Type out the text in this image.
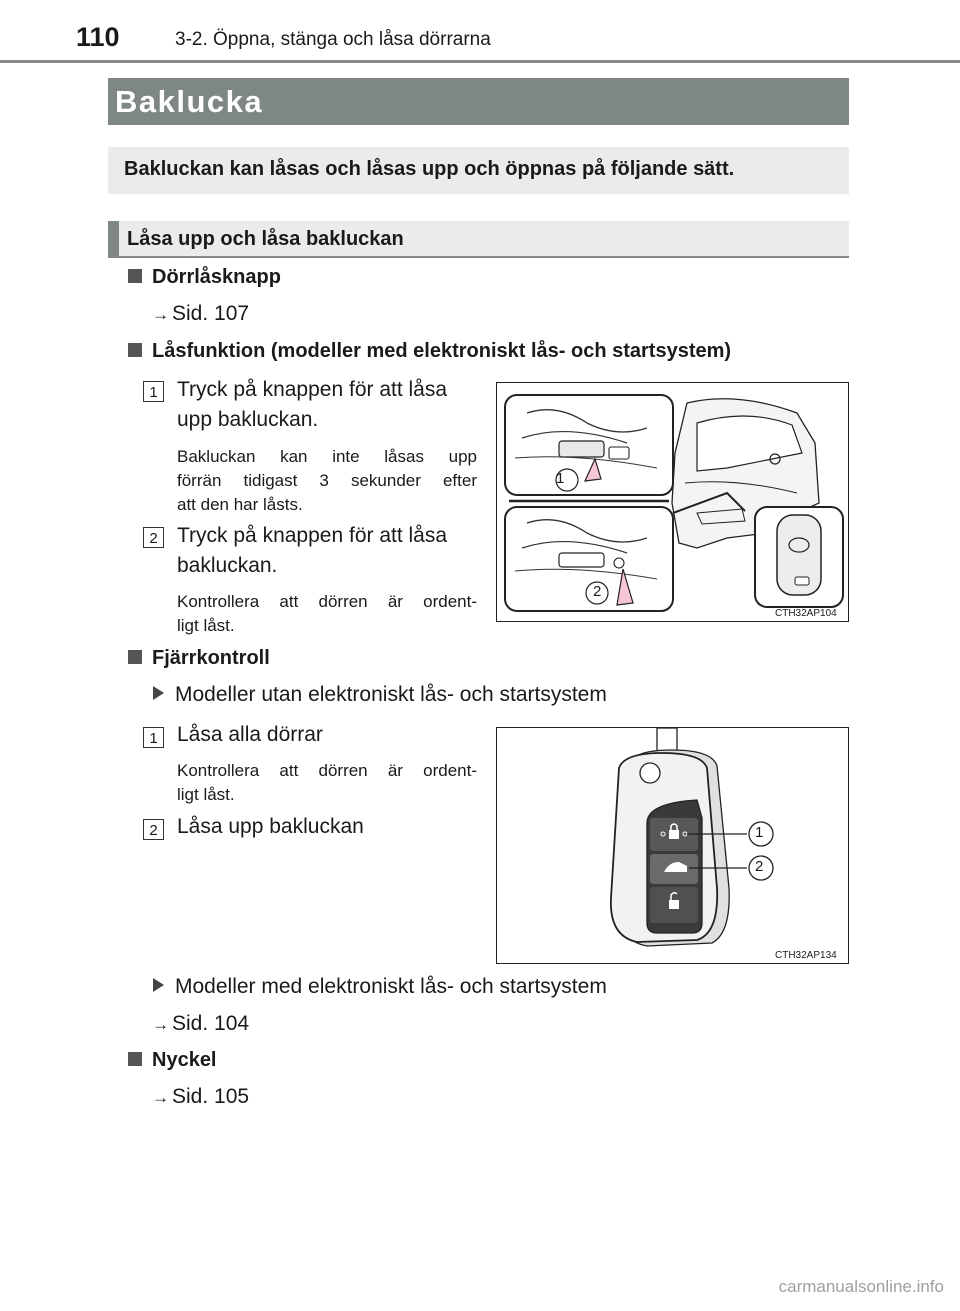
110	3-2. Öppna, stänga och låsa dörrarna
Baklucka
Bakluckan kan låsas och låsas upp och öppnas på följande sätt.
Låsa upp och låsa bakluckan
Dörrlåsknapp
→ Sid. 107
Låsfunktion (modeller med elektroniskt lås- och startsystem)
1 Tryck på knappen för att låsa
upp bakluckan.
Bakluckan kan inte låsas upp
förrän tidigast 3 sekunder efter
att den har låsts.
2 Tryck på knappen för att låsa
bakluckan.
Kontrollera att dörren är ordent-
ligt låst.
1
2
CTH32AP104
Fjärrkontroll
Modeller utan elektroniskt lås- och startsystem
1 Låsa alla dörrar
Kontrollera att dörren är ordent-
ligt låst.
2 Låsa upp bakluckan	1
2
CTH32AP134
Modeller med elektroniskt lås- och startsystem
→ Sid. 104
Nyckel
→ Sid. 105
carmanualsonline.info
